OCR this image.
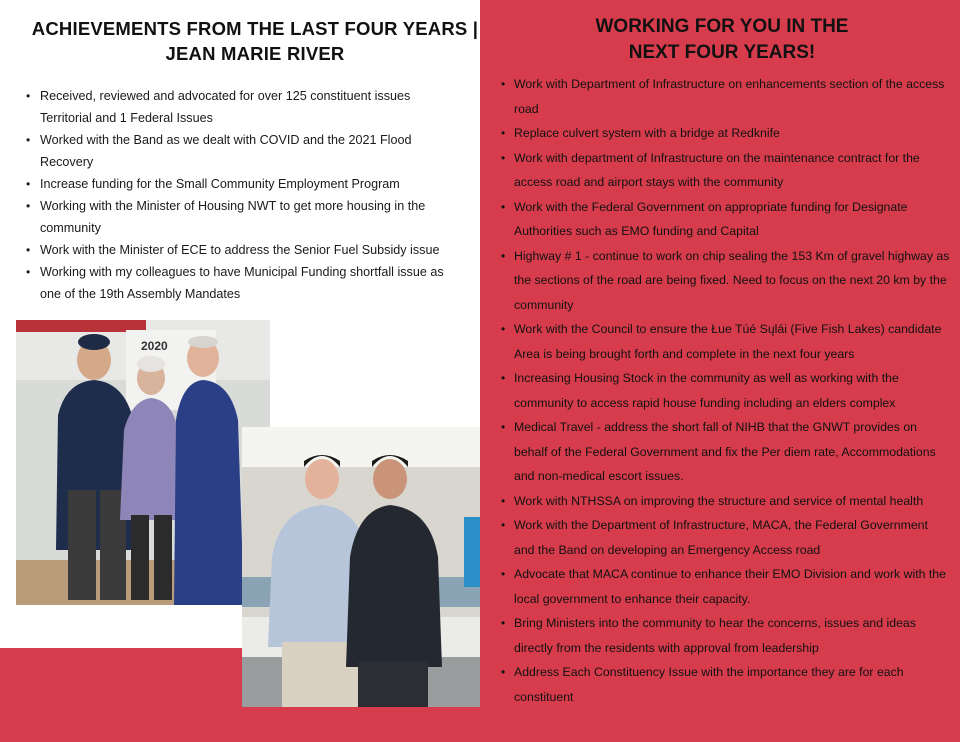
ACHIEVEMENTS FROM THE LAST FOUR YEARS |
JEAN MARIE RIVER
• Received, reviewed and advocated for over 125 constituent issues Territorial and 1 Federal Issues
• Worked with the Band as we dealt with COVID and the 2021 Flood Recovery
• Increase funding for the Small Community Employment Program
• Working with the Minister of Housing NWT to get more housing in the community
• Work with the Minister of ECE to address the Senior Fuel Subsidy issue
• Working with my colleagues to have Municipal Funding shortfall issue as one of the 19th Assembly Mandates
2020
WORKING FOR YOU IN THE
NEXT FOUR YEARS!
• Work with Department of Infrastructure on enhancements section of the access road
• Replace culvert system with a bridge at Redknife
• Work with department of Infrastructure on the maintenance contract for the access road and airport stays with the community
• Work with the Federal Government on appropriate funding for Designate Authorities such as EMO funding and Capital
• Highway # 1 - continue to work on chip sealing the 153 Km of gravel highway as the sections of the road are being fixed. Need to focus on the next 20 km by the community
• Work with the Council to ensure the Łue Túé Sųlái (Five Fish Lakes) candidate Area is being brought forth and complete in the next four years
• Increasing Housing Stock in the community as well as working with the community to access rapid house funding including an elders complex
• Medical Travel - address the short fall of NIHB that the GNWT provides on behalf of the Federal Government and fix the Per diem rate, Accommodations and non-medical escort issues.
• Work with NTHSSA on improving the structure and service of mental health
• Work with the Department of Infrastructure, MACA, the Federal Government and the Band on developing an Emergency Access road
• Advocate that MACA continue to enhance their EMO Division and work with the local government to enhance their capacity.
• Bring Ministers into the community to hear the concerns, issues and ideas directly from the residents with approval from leadership
• Address Each Constituency Issue with the importance they are for each constituent
